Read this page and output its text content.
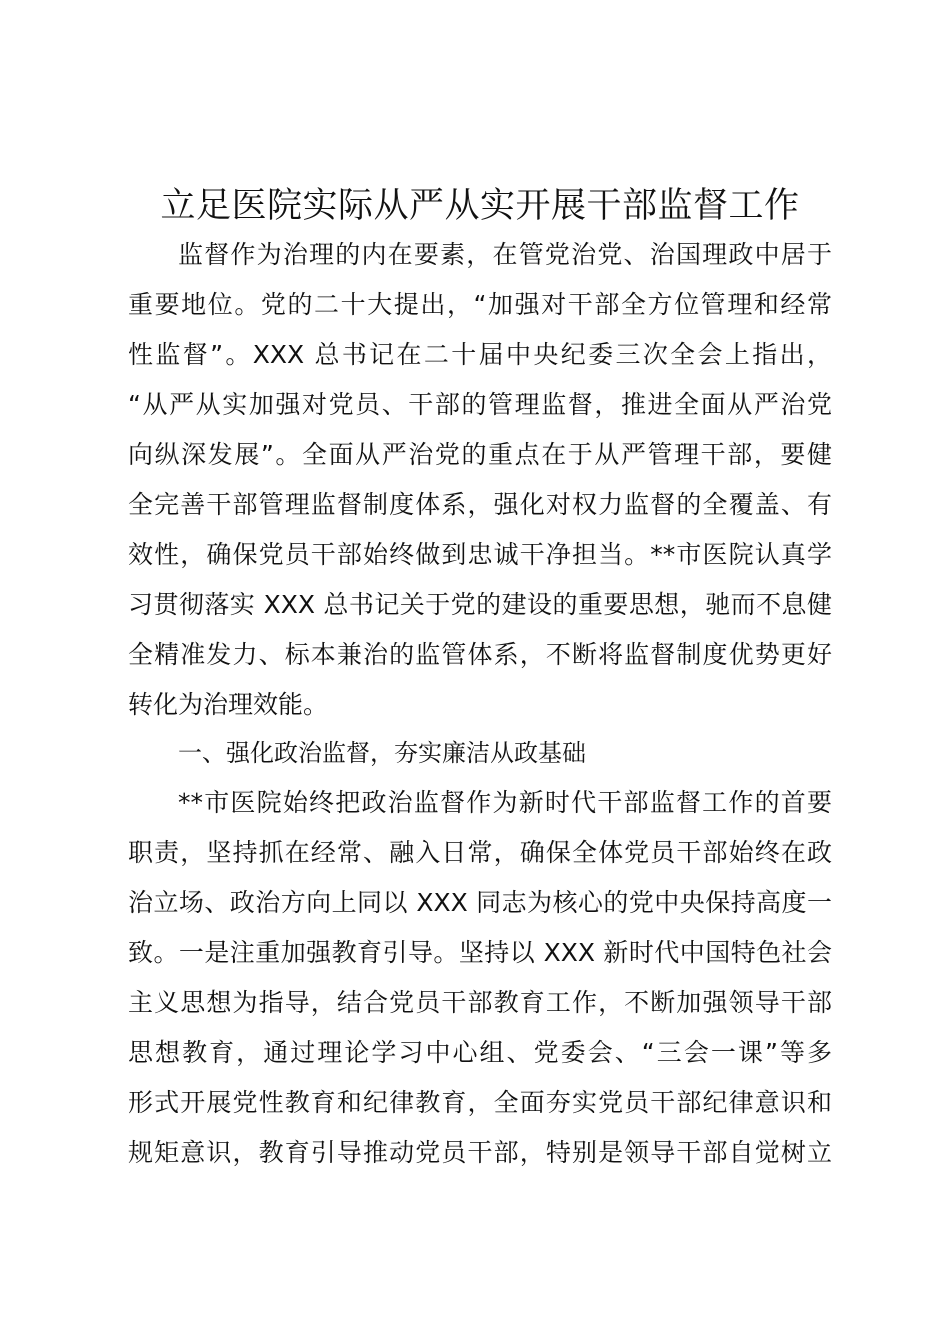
立足医院实际从严从实开展干部监督工作
监督作为治理的内在要素，在管党治党、治国理政中居于
重要地位。党的二十大提出，“加强对干部全方位管理和经常
性监督”。XXX 总书记在二十届中央纪委三次全会上指出，
“从严从实加强对党员、干部的管理监督，推进全面从严治党
向纵深发展”。全面从严治党的重点在于从严管理干部，要健
全完善干部管理监督制度体系，强化对权力监督的全覆盖、有
效性，确保党员干部始终做到忠诚干净担当。**市医院认真学
习贯彻落实 XXX 总书记关于党的建设的重要思想，驰而不息健
全精准发力、标本兼治的监管体系，不断将监督制度优势更好
转化为治理效能。
一、强化政治监督，夯实廉洁从政基础
**市医院始终把政治监督作为新时代干部监督工作的首要
职责，坚持抓在经常、融入日常，确保全体党员干部始终在政
治立场、政治方向上同以 XXX 同志为核心的党中央保持高度一
致。一是注重加强教育引导。坚持以 XXX 新时代中国特色社会
主义思想为指导，结合党员干部教育工作，不断加强领导干部
思想教育，通过理论学习中心组、党委会、“三会一课”等多
形式开展党性教育和纪律教育，全面夯实党员干部纪律意识和
规矩意识，教育引导推动党员干部，特别是领导干部自觉树立
